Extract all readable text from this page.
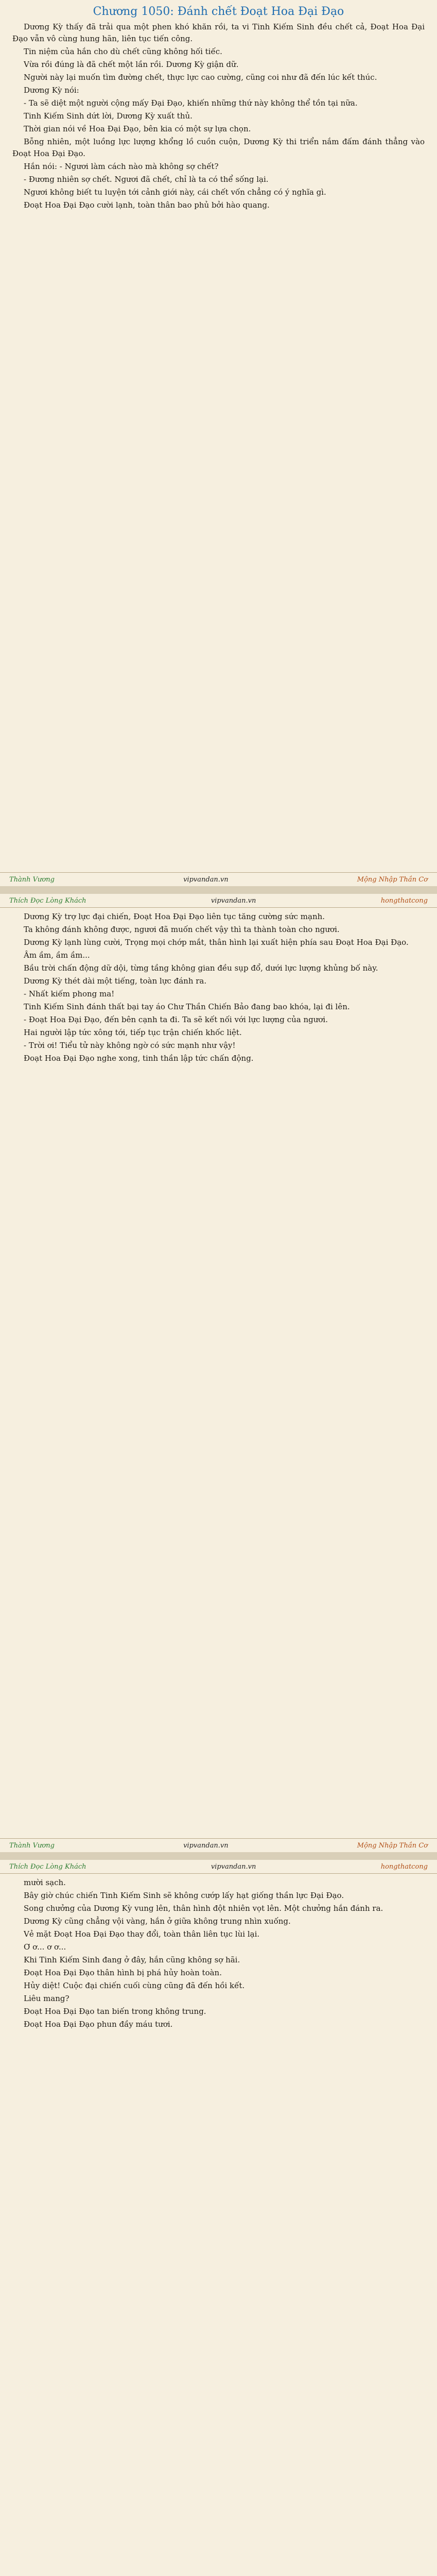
Chương 1050: Đánh chết Đoạt Hoa Đại Đạo

Dương Kỳ thấy đã trải qua một phen khó khăn rồi, ta vi Tinh Kiếm Sinh đều chết cả, Đoạt Hoa Đại Đạo vẫn vô cùng hung hãn, liên tục tiến công.

Tin niệm của hắn cho dù chết cũng không hối tiếc.

Vừa rồi đúng là đã chết một lần rồi. Dương Kỳ giận dữ.

Người này lại muốn tìm đường chết, thực lực cao cường, cũng coi như đã đến lúc kết thúc.

Dương Kỳ nói:

- Ta sẽ diệt một người cộng mấy Đại Đạo, khiến những thứ này không thể tồn tại nữa.

Tinh Kiếm Sinh dứt lời, Dương Kỳ xuất thủ.

Thời gian nói về Hoa Đại Đạo, bên kia có một sự lựa chọn.

Bỗng nhiên, một luồng lực lượng khổng lồ cuồn cuộn, Dương Kỳ thi triển nắm đấm đánh thẳng vào Đoạt Hoa Đại Đạo.

Hắn nói: - Ngươi làm cách nào mà không sợ chết?

- Đương nhiên sợ chết. Ngươi đã chết, chỉ là ta có thể sống lại.

Ngươi không biết tu luyện tới cảnh giới này, cái chết vốn chẳng có ý nghĩa gì.

Đoạt Hoa Đại Đạo cười lạnh, toàn thân bao phủ bởi hào quang.

Thành Vương	vipvandan.vn	Mộng Nhập Thần Cơ
Thích Đọc Lòng Khách	vipvandan.vn	hongthatcong

Dương Kỳ trợ lực đại chiến, Đoạt Hoa Đại Đạo liên tục tăng cường sức mạnh.

Ta không đánh không được, ngươi đã muốn chết vậy thì ta thành toàn cho ngươi.

Dương Kỳ lạnh lùng cười, Trọng mọi chớp mắt, thân hình lại xuất hiện phía sau Đoạt Hoa Đại Đạo.

Âm ầm, ầm ầm...

Bầu trời chấn động dữ dội, từng tầng không gian đều sụp đổ, dưới lực lượng khủng bố này.

Dương Kỳ thét dài một tiếng, toàn lực đánh ra.

- Nhất kiếm phong ma!

Tinh Kiếm Sinh đánh thất bại tay áo Chư Thần Chiến Bảo đang bao khóa, lại đi lên.

- Đoạt Hoa Đại Đạo, đến bên cạnh ta đi. Ta sẽ kết nối với lực lượng của ngươi.

Hai người lập tức xông tới, tiếp tục trận chiến khốc liệt.

- Trời ơi! Tiểu tử này không ngờ có sức mạnh như vậy!

Đoạt Hoa Đại Đạo nghe xong, tinh thần lập tức chấn động.

Thành Vương	vipvandan.vn	Mộng Nhập Thần Cơ
Thích Đọc Lòng Khách	vipvandan.vn	hongthatcong

mười sạch.

Bây giờ chúc chiến Tinh Kiếm Sinh sẽ không cướp lấy hạt giống thần lực Đại Đạo.

Song chưởng của Dương Kỳ vung lên, thân hình đột nhiên vọt lên. Một chưởng hắn đánh ra.

Dương Kỳ cũng chẳng vội vàng, hắn ở giữa không trung nhìn xuống.

Vẻ mặt Đoạt Hoa Đại Đạo thay đổi, toàn thân liên tục lùi lại.

Ơ ơ... ơ ơ...

Khi Tinh Kiếm Sinh đang ở đây, hắn cũng không sợ hãi.

Đoạt Hoa Đại Đạo thân hình bị phá hủy hoàn toàn.

Hủy diệt! Cuộc đại chiến cuối cùng cũng đã đến hồi kết.

Liêu mang?

Đoạt Hoa Đại Đạo tan biến trong không trung.

Đoạt Hoa Đại Đạo phun đầy máu tươi.
